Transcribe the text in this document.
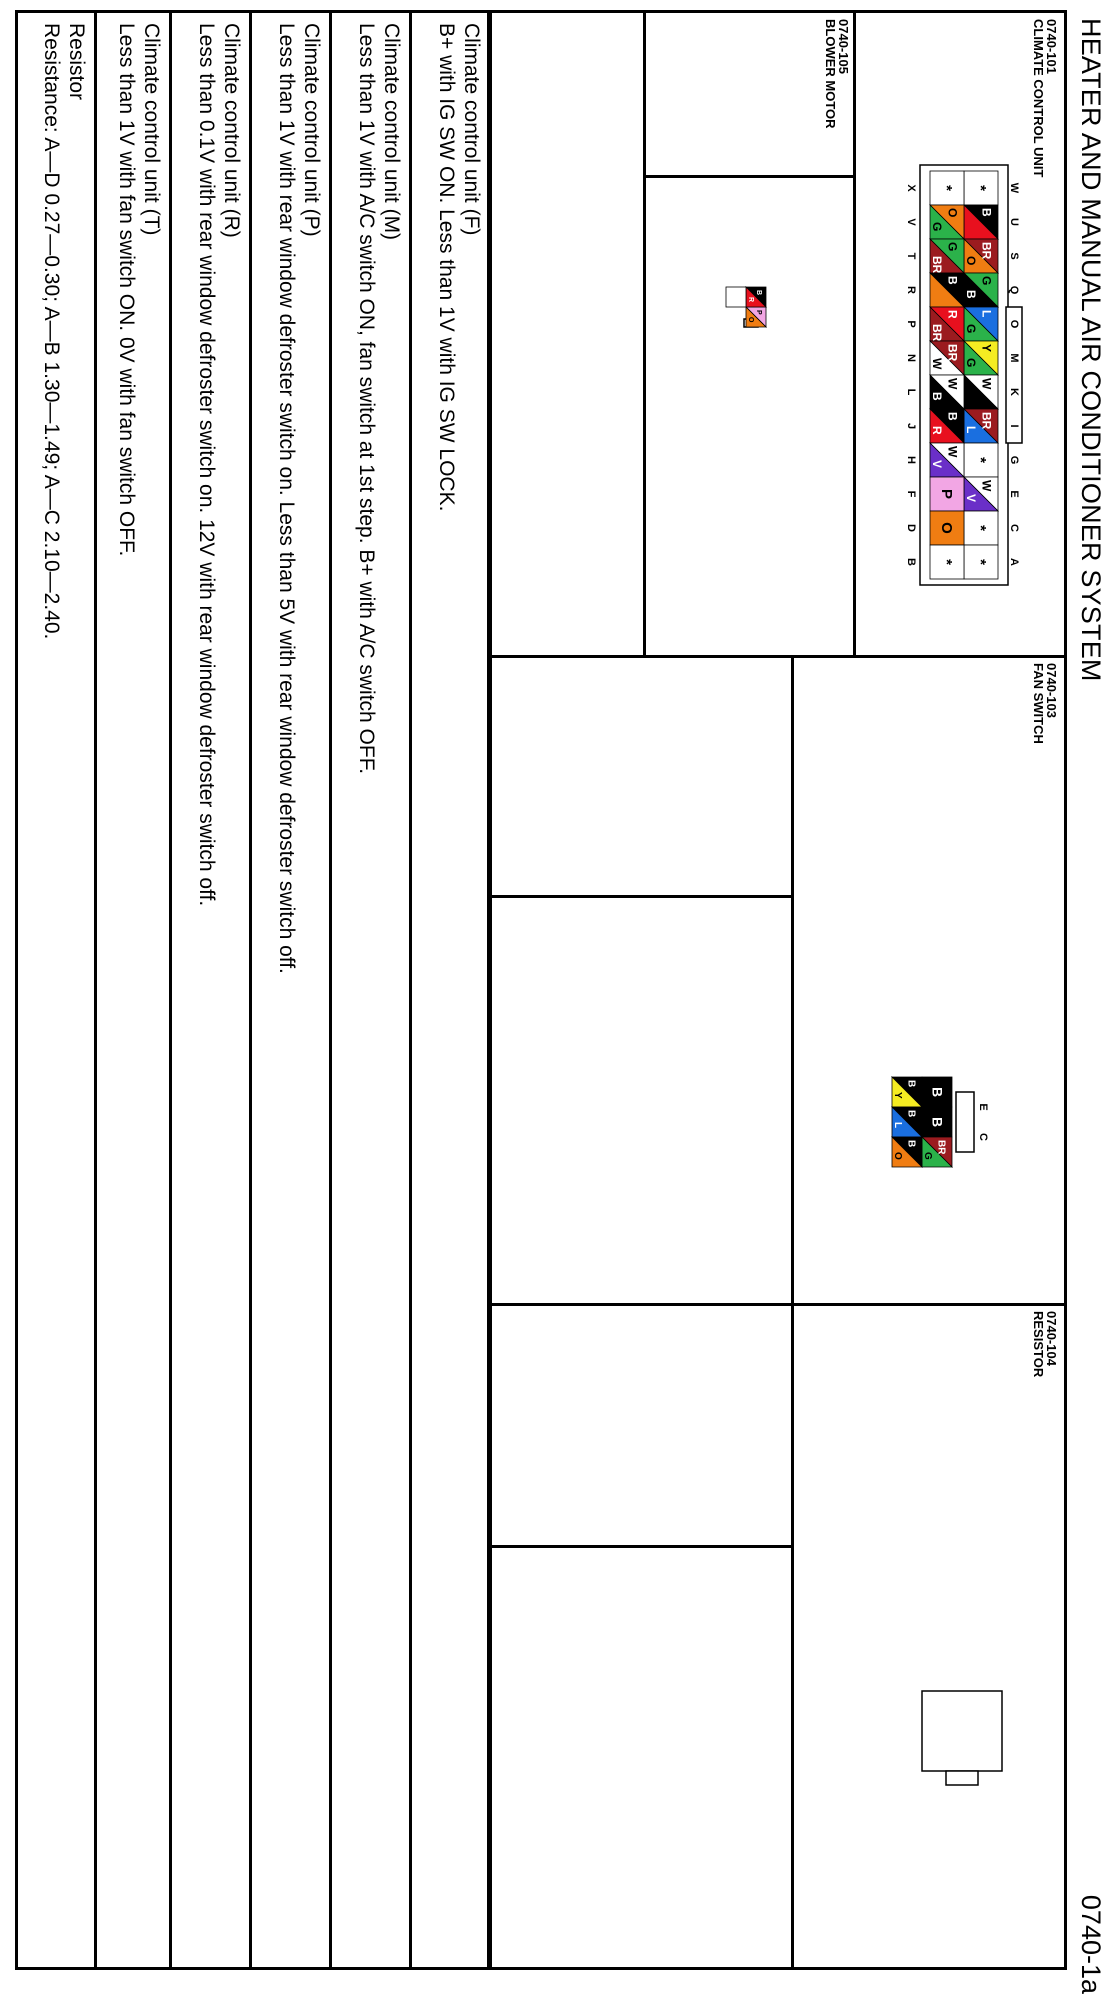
HEATER AND MANUAL AIR CONDITIONER SYSTEM
0740-1a
0740-101
CLIMATE CONTROL UNIT
0740-105
BLOWER MOTOR
0740-103
FAN SWITCH
0740-104
RESISTOR
*
B
BR
O
G
B
L
G
Y
G
W
BR
L
*
W
V
*
*
*
O
G
G
BR
B
R
BR
BR
W
W
B
B
R
W
V
P
O
*
W
U
S
Q
O
M
K
I
G
E
C
A
X
V
T
R
P
N
L
J
H
F
D
B
P
O
B
R
B
B
BR
G
B
Y
B
L
B
O
E
C
Climate control unit (F)
B+ with IG SW ON. Less than 1V with IG SW LOCK.
Climate control unit (M)
Less than 1V with A/C switch ON, fan switch at 1st step. B+ with A/C switch OFF.
Climate control unit (P)
Less than 1V with rear window defroster switch on. Less than 5V with rear window defroster switch off.
Climate control unit (R)
Less than 0.1V with rear window defroster switch on. 12V with rear window defroster switch off.
Climate control unit (T)
Less than 1V with fan switch ON. 0V with fan switch OFF.
Resistor
Resistance: A—D 0.27—0.30; A—B 1.30—1.49; A—C 2.10—2.40.
